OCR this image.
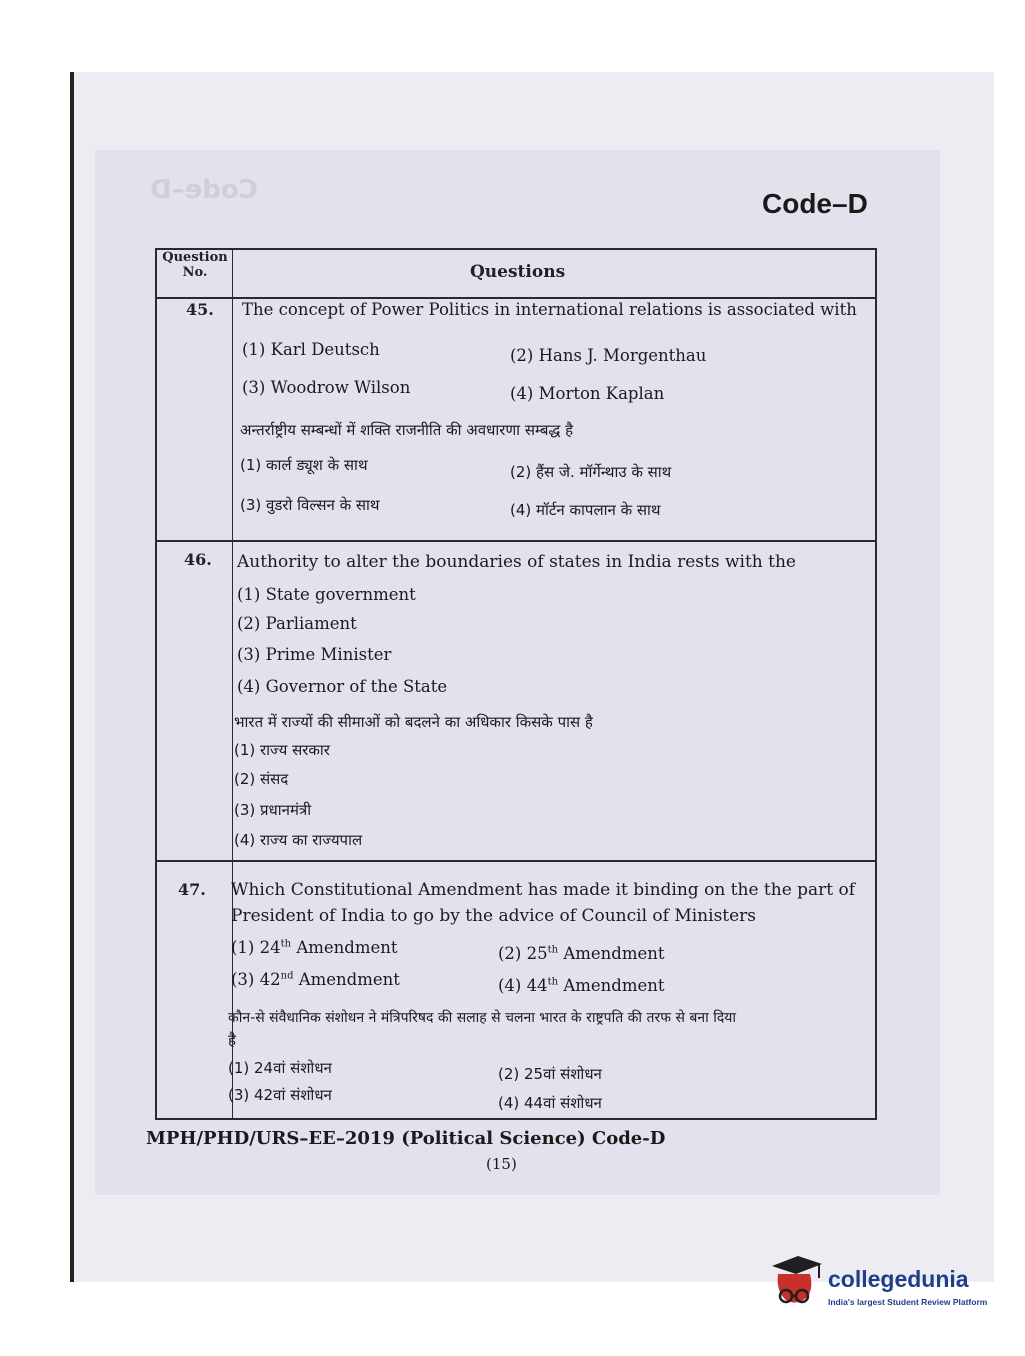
Code–D	Code–D
Question No.	Questions
45. The concept of Power Politics in international relations is associated with
(1) Karl Deutsch	(2) Hans J. Morgenthau
(3) Woodrow Wilson	(4) Morton Kaplan
अन्तर्राष्ट्रीय सम्बन्धों में शक्ति राजनीति की अवधारणा सम्बद्ध है
(1) कार्ल ड्यूश के साथ	(2) हैंस जे. मॉर्गेन्थाउ के साथ
(3) वुडरो विल्सन के साथ	(4) मॉर्टन कापलान के साथ
46. Authority to alter the boundaries of states in India rests with the
(1) State government
(2) Parliament
(3) Prime Minister
(4) Governor of the State
भारत में राज्यों की सीमाओं को बदलने का अधिकार किसके पास है
(1) राज्य सरकार
(2) संसद
(3) प्रधानमंत्री
(4) राज्य का राज्यपाल
47. Which Constitutional Amendment has made it binding on the the part of
President of India to go by the advice of Council of Ministers
(1) 24th Amendment	(2) 25th Amendment
(3) 42nd Amendment	(4) 44th Amendment
कौन-से संवैधानिक संशोधन ने मंत्रिपरिषद की सलाह से चलना भारत के राष्ट्रपति की तरफ से बना दिया
है
(1) 24वां संशोधन	(2) 25वां संशोधन
(3) 42वां संशोधन	(4) 44वां संशोधन
MPH/PHD/URS–EE–2019 (Political Science) Code-D
(15)
collegedunia
India's largest Student Review Platform
